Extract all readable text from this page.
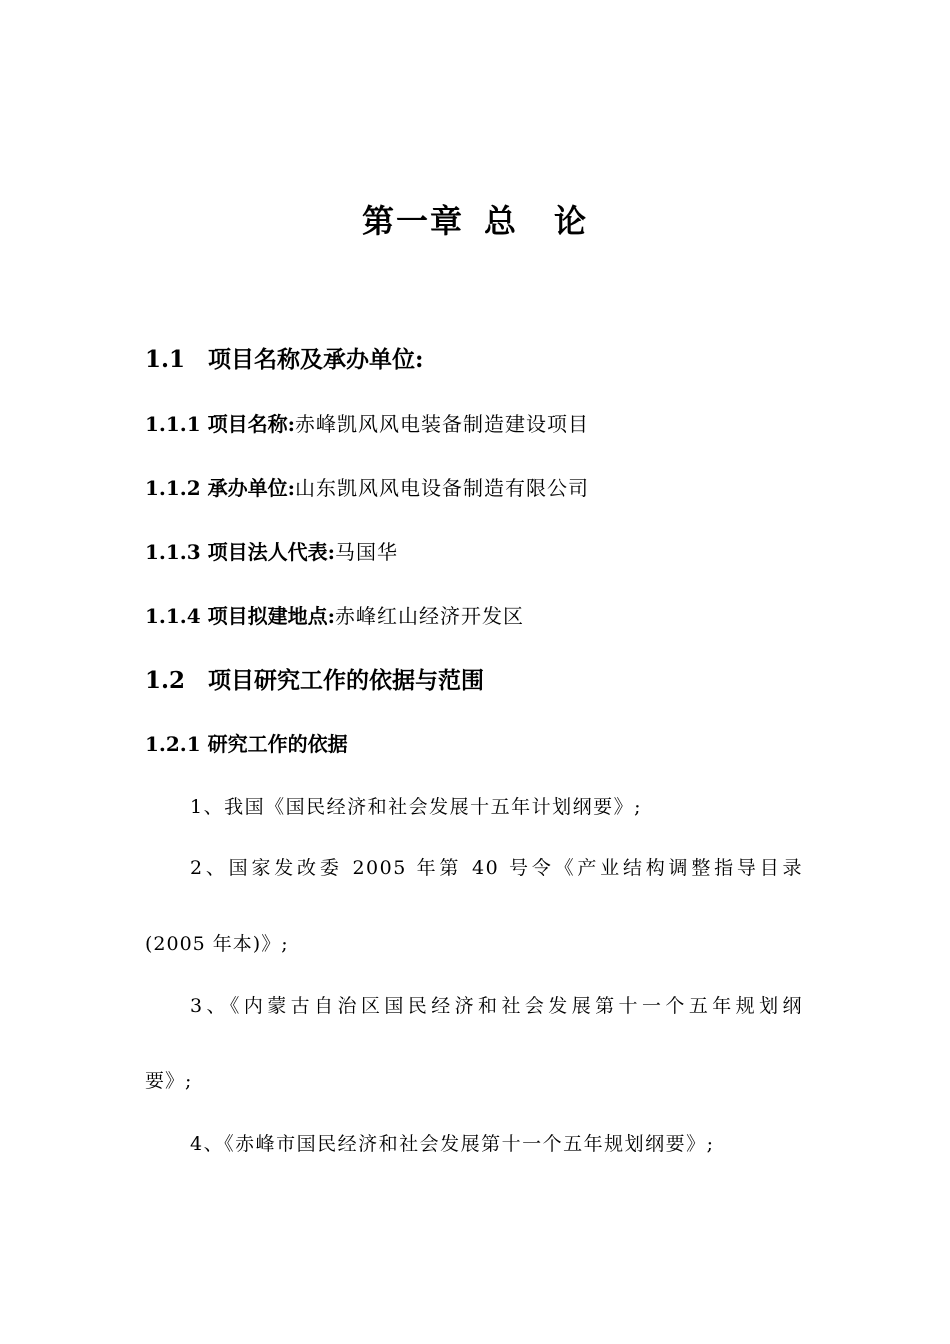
第一章 总 论
1.1 项目名称及承办单位:
1.1.1 项目名称:赤峰凯风风电装备制造建设项目
1.1.2 承办单位:山东凯风风电设备制造有限公司
1.1.3 项目法人代表:马国华
1.1.4 项目拟建地点:赤峰红山经济开发区
1.2 项目研究工作的依据与范围
1.2.1 研究工作的依据
1、我国《国民经济和社会发展十五年计划纲要》;
2、国家发改委 2005 年第 40 号令《产业结构调整指导目录
(2005 年本)》;
3、《内蒙古自治区国民经济和社会发展第十一个五年规划纲
要》;
4、《赤峰市国民经济和社会发展第十一个五年规划纲要》;
